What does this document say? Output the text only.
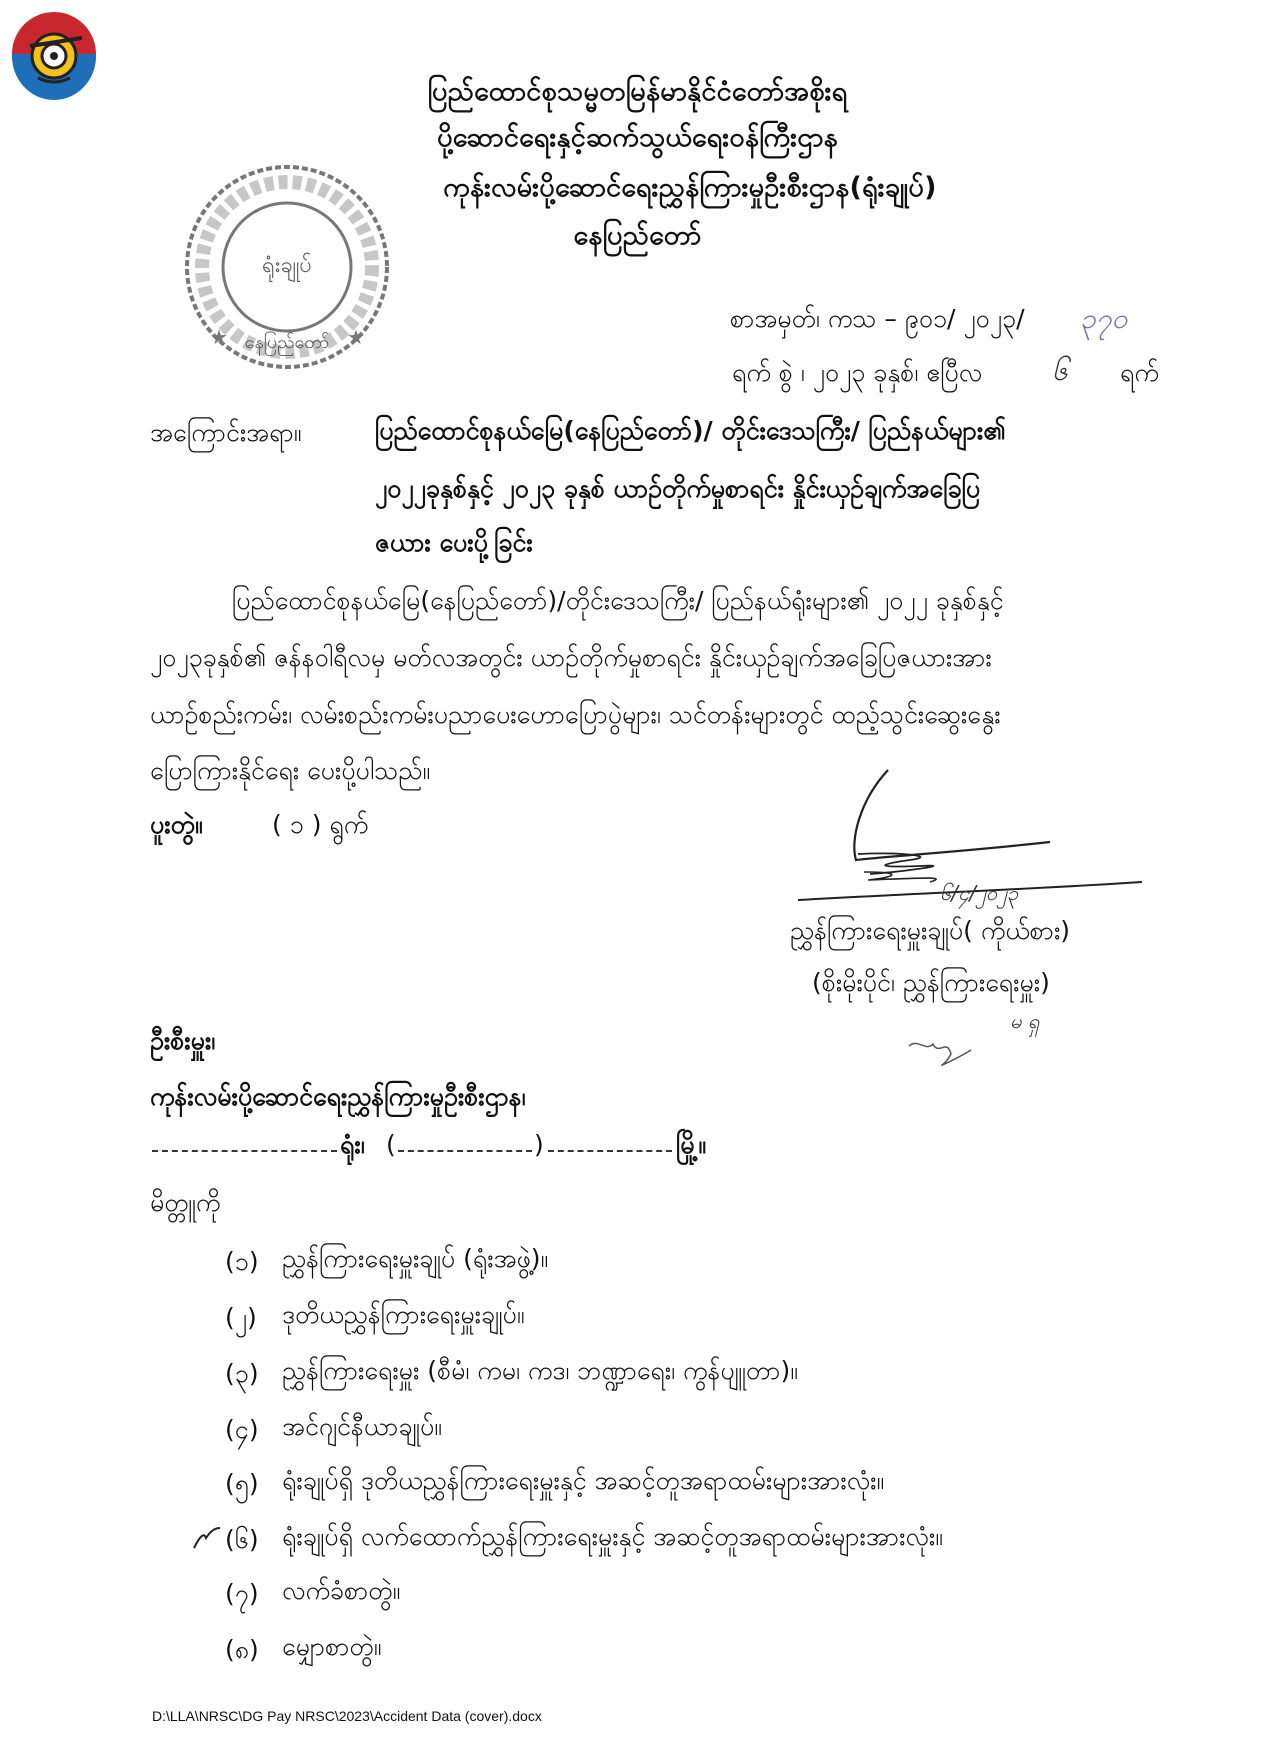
ပြည်ထောင်စုသမ္မတမြန်မာနိုင်ငံတော်အစိုးရ
ပို့ဆောင်ရေးနှင့်ဆက်သွယ်ရေးဝန်ကြီးဌာန
ကုန်းလမ်းပို့ဆောင်ရေးညွှန်ကြားမှုဦးစီးဌာန(ရုံးချုပ်)
နေပြည်တော်
★	★
ရုံးချုပ်
နေပြည်တော်
စာအမှတ်၊ ကသ – ၉၀၁/ ၂၀၂၃/ ၃၇၀
ရက် စွဲ ၊ ၂၀၂၃ ခုနှစ်၊ ဧပြီလ ၆ ရက်
အကြောင်းအရာ။	ပြည်ထောင်စုနယ်မြေ(နေပြည်တော်)/ တိုင်းဒေသကြီး/ ပြည်နယ်များ၏
၂၀၂၂ခုနှစ်နှင့် ၂၀၂၃ ခုနှစ် ယာဉ်တိုက်မှုစာရင်း နှိုင်းယှဉ်ချက်အခြေပြ
ဇယား ပေးပို့ခြင်း
ပြည်ထောင်စုနယ်မြေ(နေပြည်တော်)/တိုင်းဒေသကြီး/ ပြည်နယ်ရုံးများ၏ ၂၀၂၂ ခုနှစ်နှင့်
၂၀၂၃ခုနှစ်၏ ဇန်နဝါရီလမှ မတ်လအတွင်း ယာဉ်တိုက်မှုစာရင်း နှိုင်းယှဉ်ချက်အခြေပြဇယားအား
ယာဉ်စည်းကမ်း၊ လမ်းစည်းကမ်းပညာပေးဟောပြောပွဲများ၊ သင်တန်းများတွင် ထည့်သွင်းဆွေးနွေး
ပြောကြားနိုင်ရေး ပေးပို့ပါသည်။
ပူးတွဲ။	( ၁ ) ရွက်
၆/၄/၂၀၂၃
ညွှန်ကြားရေးမှူးချုပ်( ကိုယ်စား)
(စိုးမိုးပိုင်၊ ညွှန်ကြားရေးမှူး)
မ ရှ
ဦးစီးမှူး၊
ကုန်းလမ်းပို့ဆောင်ရေးညွှန်ကြားမှုဦးစီးဌာန၊
ရုံး၊ (	)	မြို့။
မိတ္တူကို
(၁) ညွှန်ကြားရေးမှူးချုပ် (ရုံးအဖွဲ့)။
(၂) ဒုတိယညွှန်ကြားရေးမှူးချုပ်။
(၃) ညွှန်ကြားရေးမှူး (စီမံ၊ ကမ၊ ကဒ၊ ဘဏ္ဍာရေး၊ ကွန်ပျူတာ)။
(၄) အင်ဂျင်နီယာချုပ်။
(၅) ရုံးချုပ်ရှိ ဒုတိယညွှန်ကြားရေးမှူးနှင့် အဆင့်တူအရာထမ်းများအားလုံး။
(၆) ရုံးချုပ်ရှိ လက်ထောက်ညွှန်ကြားရေးမှူးနှင့် အဆင့်တူအရာထမ်းများအားလုံး။
(၇) လက်ခံစာတွဲ။
(၈) မျှောစာတွဲ။
D:\LLA\NRSC\DG Pay NRSC\2023\Accident Data (cover).docx
